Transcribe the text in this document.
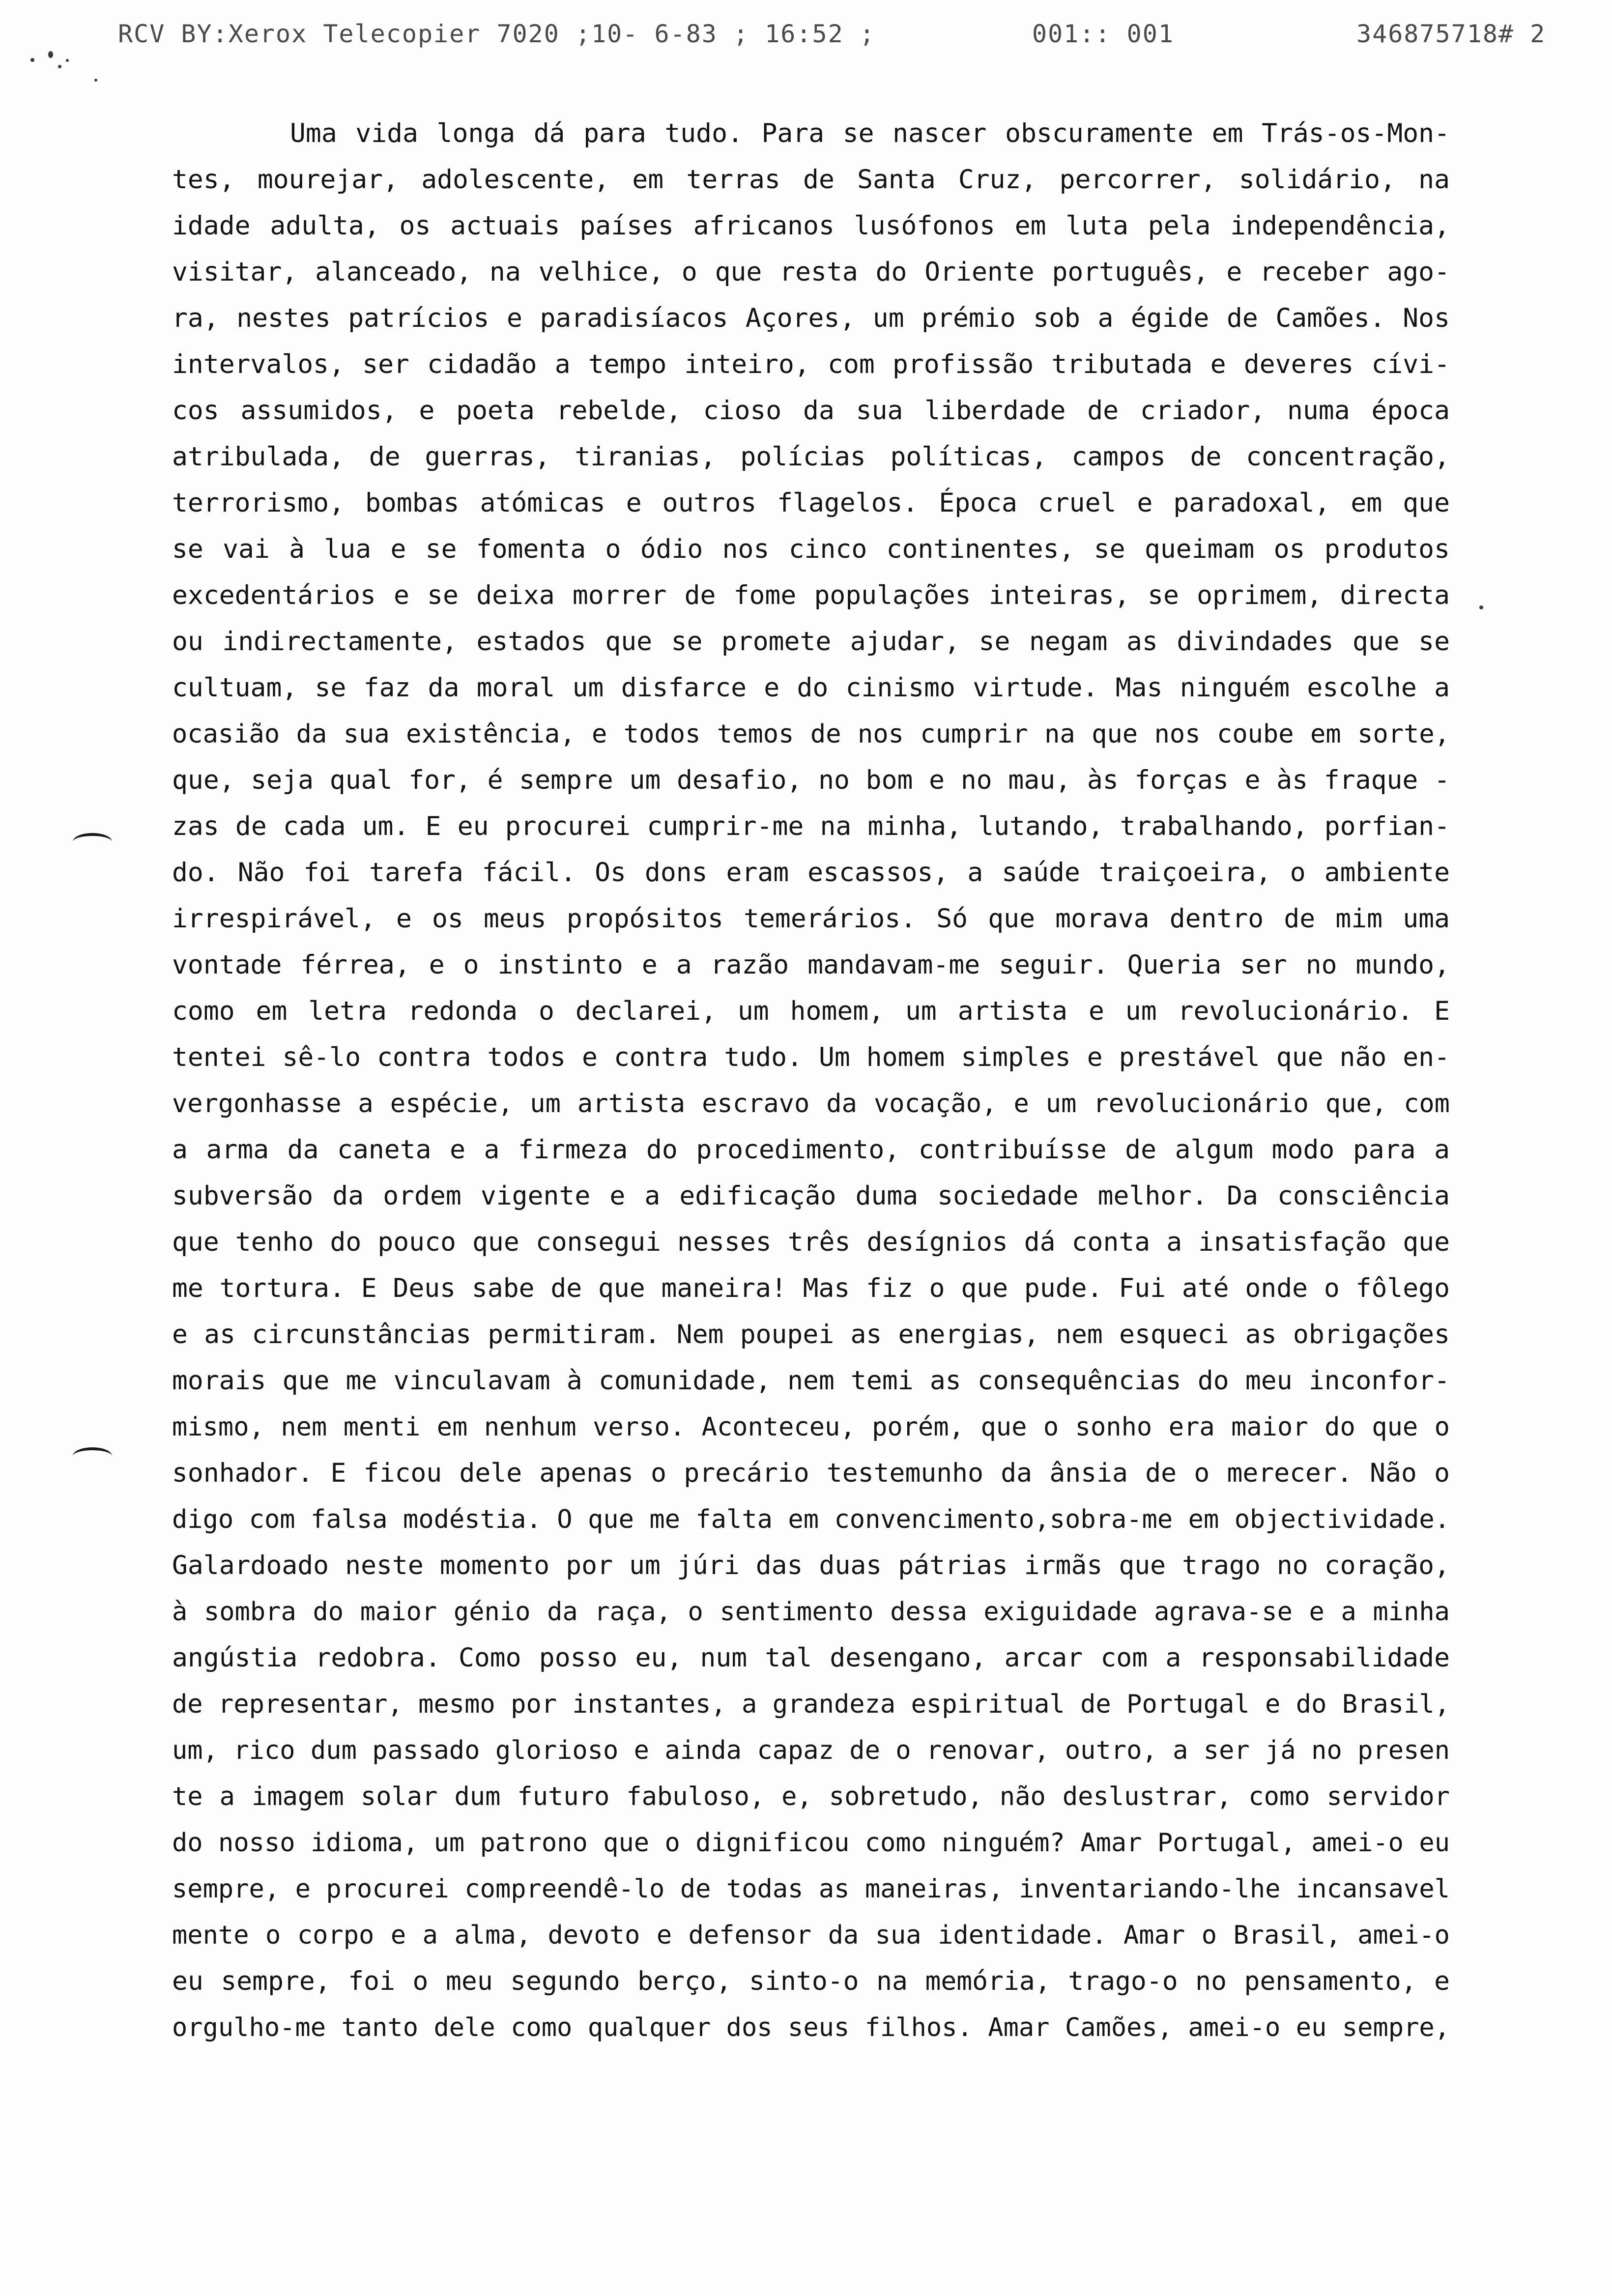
RCV BY:Xerox Telecopier 7020 ;10- 6-83 ; 16:52 ;	001:: 001	346875718# 2
Uma vida longa dá para tudo. Para se nascer obscuramente em Trás-os-Mon-
tes, mourejar, adolescente, em terras de Santa Cruz, percorrer, solidário, na
idade adulta, os actuais países africanos lusófonos em luta pela independência,
visitar, alanceado, na velhice, o que resta do Oriente português, e receber ago-
ra, nestes patrícios e paradisíacos Açores, um prémio sob a égide de Camões. Nos
intervalos, ser cidadão a tempo inteiro, com profissão tributada e deveres cívi-
cos assumidos, e poeta rebelde, cioso da sua liberdade de criador, numa época
atribulada, de guerras, tiranias, polícias políticas, campos de concentração,
terrorismo, bombas atómicas e outros flagelos. Época cruel e paradoxal, em que
se vai à lua e se fomenta o ódio nos cinco continentes, se queimam os produtos
excedentários e se deixa morrer de fome populações inteiras, se oprimem, directa
ou indirectamente, estados que se promete ajudar, se negam as divindades que se
cultuam, se faz da moral um disfarce e do cinismo virtude. Mas ninguém escolhe a
ocasião da sua existência, e todos temos de nos cumprir na que nos coube em sorte,
que, seja qual for, é sempre um desafio, no bom e no mau, às forças e às fraque -
zas de cada um. E eu procurei cumprir-me na minha, lutando, trabalhando, porfian-
do. Não foi tarefa fácil. Os dons eram escassos, a saúde traiçoeira, o ambiente
irrespirável, e os meus propósitos temerários. Só que morava dentro de mim uma
vontade férrea, e o instinto e a razão mandavam-me seguir. Queria ser no mundo,
como em letra redonda o declarei, um homem, um artista e um revolucionário. E
tentei sê-lo contra todos e contra tudo. Um homem simples e prestável que não en-
vergonhasse a espécie, um artista escravo da vocação, e um revolucionário que, com
a arma da caneta e a firmeza do procedimento, contribuísse de algum modo para a
subversão da ordem vigente e a edificação duma sociedade melhor. Da consciência
que tenho do pouco que consegui nesses três desígnios dá conta a insatisfação que
me tortura. E Deus sabe de que maneira! Mas fiz o que pude. Fui até onde o fôlego
e as circunstâncias permitiram. Nem poupei as energias, nem esqueci as obrigações
morais que me vinculavam à comunidade, nem temi as consequências do meu inconfor-
mismo, nem menti em nenhum verso. Aconteceu, porém, que o sonho era maior do que o
sonhador. E ficou dele apenas o precário testemunho da ânsia de o merecer. Não o
digo com falsa modéstia. O que me falta em convencimento,sobra-me em objectividade.
Galardoado neste momento por um júri das duas pátrias irmãs que trago no coração,
à sombra do maior génio da raça, o sentimento dessa exiguidade agrava-se e a minha
angústia redobra. Como posso eu, num tal desengano, arcar com a responsabilidade
de representar, mesmo por instantes, a grandeza espiritual de Portugal e do Brasil,
um, rico dum passado glorioso e ainda capaz de o renovar, outro, a ser já no presen
te a imagem solar dum futuro fabuloso, e, sobretudo, não deslustrar, como servidor
do nosso idioma, um patrono que o dignificou como ninguém? Amar Portugal, amei-o eu
sempre, e procurei compreendê-lo de todas as maneiras, inventariando-lhe incansavel
mente o corpo e a alma, devoto e defensor da sua identidade. Amar o Brasil, amei-o
eu sempre, foi o meu segundo berço, sinto-o na memória, trago-o no pensamento, e
orgulho-me tanto dele como qualquer dos seus filhos. Amar Camões, amei-o eu sempre,
